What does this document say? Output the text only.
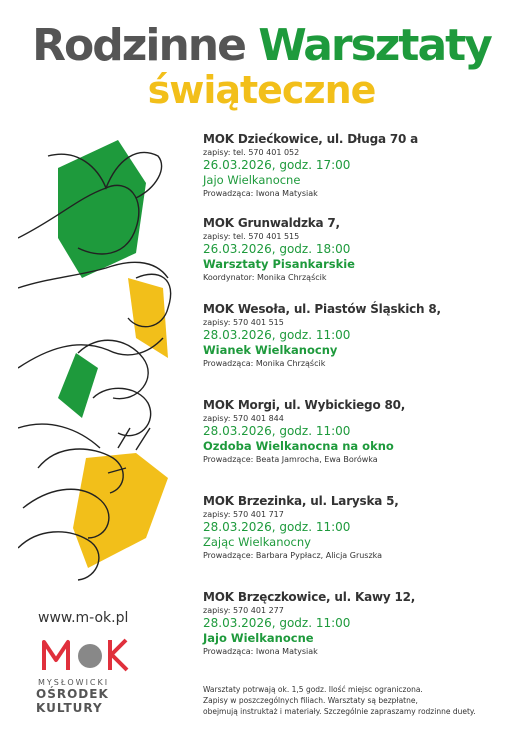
Rodzinne Warsztaty
świąteczne
MOK Dziećkowice, ul. Długa 70 a
zapisy: tel. 570 401 052
26.03.2026, godz. 17:00
Jajo Wielkanocne
Prowadząca: Iwona Matysiak
MOK Grunwaldzka 7,
zapisy: tel. 570 401 515
26.03.2026, godz. 18:00
Warsztaty Pisankarskie
Koordynator: Monika Chrząścik
MOK Wesoła, ul. Piastów Śląskich 8,
zapisy: 570 401 515
28.03.2026, godz. 11:00
Wianek Wielkanocny
Prowadząca: Monika Chrząścik
MOK Morgi, ul. Wybickiego 80,
zapisy: 570 401 844
28.03.2026, godz. 11:00
Ozdoba Wielkanocna na okno
Prowadzące: Beata Jamrocha, Ewa Borówka
MOK Brzezinka, ul. Laryska 5,
zapisy: 570 401 717
28.03.2026, godz. 11:00
Zając Wielkanocny
Prowadzące: Barbara Pypłacz, Alicja Gruszka
MOK Brzęczkowice, ul. Kawy 12,
zapisy: 570 401 277
28.03.2026, godz. 11:00
Jajo Wielkanocne
Prowadząca: Iwona Matysiak
www.m-ok.pl
MYSŁOWICKI
OŚRODEK
KULTURY
Warsztaty potrwają ok. 1,5 godz. Ilość miejsc ograniczona.
Zapisy w poszczególnych filiach. Warsztaty są bezpłatne,
obejmują instruktaż i materiały. Szczególnie zapraszamy rodzinne duety.
